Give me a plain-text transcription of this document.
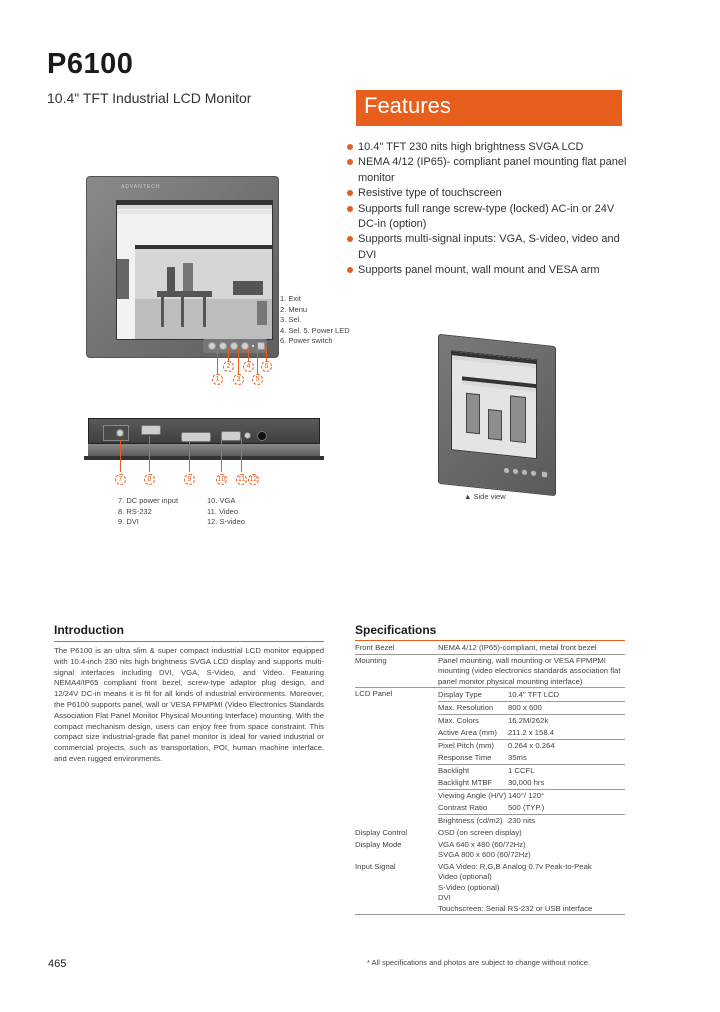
P6100
10.4" TFT Industrial LCD Monitor	Features
10.4" TFT 230 nits high brightness SVGA LCD
NEMA 4/12 (IP65)- compliant panel mounting flat panel monitor
Resistive type of touchscreen
Supports full range screw-type (locked) AC-in or 24V DC-in (option)
Supports multi-signal inputs: VGA, S-video, video and DVI
Supports panel mount, wall mount and VESA arm
ADVANTECH
1
2
3
4
5
6
1. Exit
2. Menu
3. Sel.
4. Sel. 5. Power LED
6. Power switch
7	8	9	10 11 12
7. DC power input
8. RS-232
9. DVI
10. VGA
11. Video
12. S-video
▲ Side view
Introduction
The P6100 is an ultra slim & super compact industrial LCD monitor equipped with 10.4-inch 230 nits high brightness SVGA LCD display and supports multi-signal interfaces including DVI, VGA, S-Video, and Video. Featuring NEMA4/IP65 compliant front bezel, screw-type adaptor plug design, and 12/24V DC-in means it is fit for all kinds of industrial environments. Moreover, the P6100 supports panel, wall or VESA FPMPMI (Video Electronics Standards Association Flat Panel Monitor Physical Mounting Interface) mounting. With the compact mechanism design, users can enjoy free from space constraint. This compact size industrial-grade flat panel monitor is ideal for varied industrial or commercial projects, such as transportation, POI, human machine interface, and even rugged environments.
Specifications
Front Bezel	NEMA 4/12 (IP65)-compliant, metal front bezel
Mounting	Panel mounting, wall mounting or VESA FPMPMI mounting (video electronics standards association flat panel monitor physical mounting interface)
LCD Panel	Display Type	10.4" TFT LCD
Max. Resolution	800 x 600
Max. Colors	16.2M/262k
Active Area (mm)	211.2 x 158.4
Pixel Pitch (mm)	0.264 x 0.264
Response Time	35ms
Backlight	1 CCFL
Backlight MTBF	30,000 hrs
Viewing Angle (H/V) 140°/ 120°
Contrast Ratio	500 (TYP.)
Brightness (cd/m2) 230 nits
Display Control	OSD (on screen display)
Display Mode	VGA 640 x 480 (60/72Hz)
SVGA 800 x 600 (60/72Hz)
Input Signal	VGA Video: R,G,B Analog 0.7v Peak-to-Peak
Video (optional)
S-Video (optional)
DVI
Touchscreen: Serial RS-232 or USB interface
465	* All specifications and photos are subject to change without notice.
